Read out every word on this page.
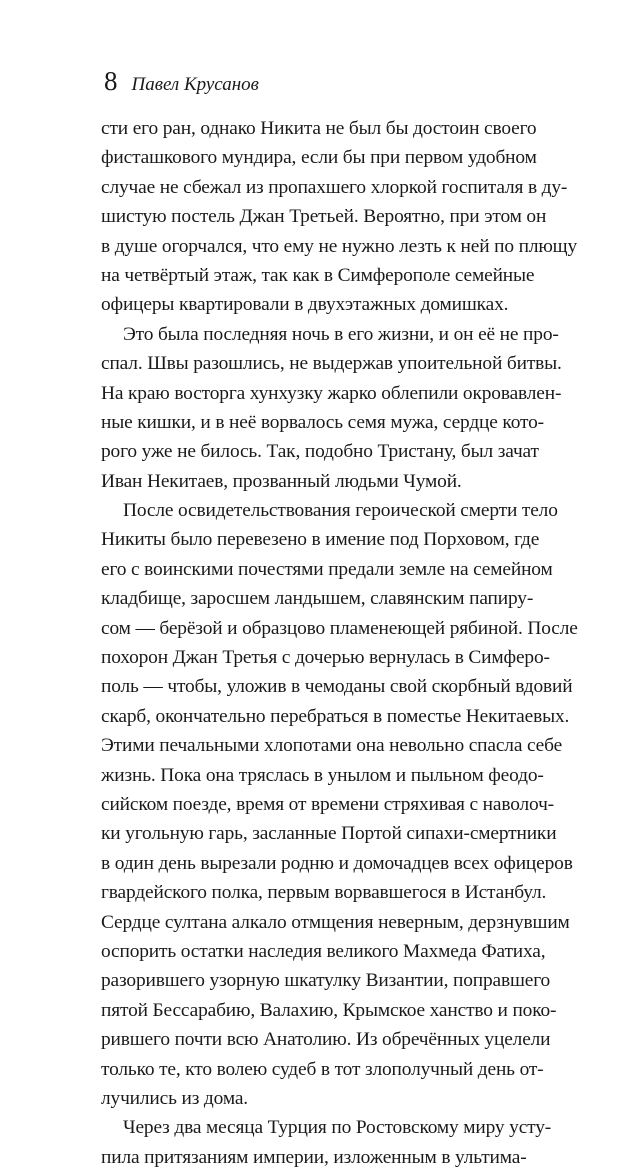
8 Павел Крусанов
сти его ран, однако Никита не был бы достоин своего
фисташкового мундира, если бы при первом удобном
случае не сбежал из пропахшего хлоркой госпиталя в ду-
шистую постель Джан Третьей. Вероятно, при этом он
в душе огорчался, что ему не нужно лезть к ней по плющу
на четвёртый этаж, так как в Симферополе семейные
офицеры квартировали в двухэтажных домишках.
Это была последняя ночь в его жизни, и он её не про-
спал. Швы разошлись, не выдержав упоительной битвы.
На краю восторга хунхузку жарко облепили окровавлен-
ные кишки, и в неё ворвалось семя мужа, сердце кото-
рого уже не билось. Так, подобно Тристану, был зачат
Иван Некитаев, прозванный людьми Чумой.
После освидетельствования героической смерти тело
Никиты было перевезено в имение под Порховом, где
его с воинскими почестями предали земле на семейном
кладбище, заросшем ландышем, славянским папиру-
сом — берёзой и образцово пламенеющей рябиной. После
похорон Джан Третья с дочерью вернулась в Симферо-
поль — чтобы, уложив в чемоданы свой скорбный вдовий
скарб, окончательно перебраться в поместье Некитаевых.
Этими печальными хлопотами она невольно спасла себе
жизнь. Пока она тряслась в унылом и пыльном феодо-
сийском поезде, время от времени стряхивая с наволоч-
ки угольную гарь, засланные Портой сипахи-смертники
в один день вырезали родню и домочадцев всех офицеров
гвардейского полка, первым ворвавшегося в Истанбул.
Сердце султана алкало отмщения неверным, дерзнувшим
оспорить остатки наследия великого Махмеда Фатиха,
разорившего узорную шкатулку Византии, поправшего
пятой Бессарабию, Валахию, Крымское ханство и поко-
рившего почти всю Анатолию. Из обречённых уцелели
только те, кто волею судеб в тот злополучный день от-
лучились из дома.
Через два месяца Турция по Ростовскому миру усту-
пила притязаниям империи, изложенным в ультима-
